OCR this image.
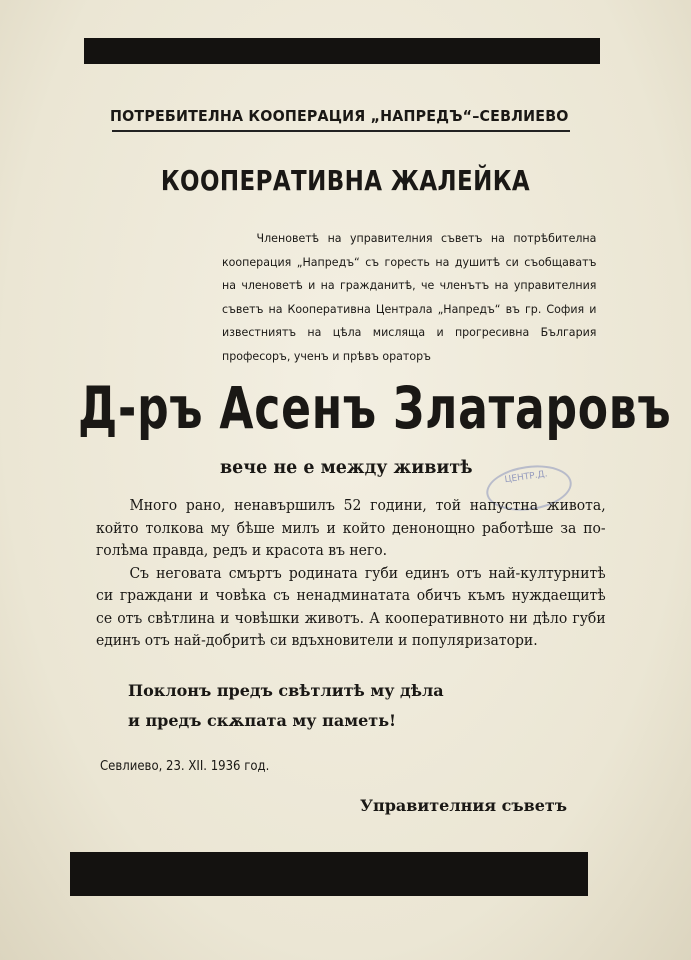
ПОТРЕБИТЕЛНА КООПЕРАЦИЯ „НАПРЕДЪ“–СЕВЛИЕВО
КООПЕРАТИВНА ЖАЛЕЙКА
Членоветѣ на управителния съветъ на потрѣбителна кооперация „Напредъ“ съ горесть на душитѣ си съобщаватъ на членоветѣ и на гражданитѣ, че членътъ на управителния съветъ на Кооперативна Централа „Напредъ“ въ гр. София и известниятъ на цѣла мисляща и прогресивна България професоръ, ученъ и прѣвъ ораторъ
Д-ръ Асенъ Златаровъ
вече не е между живитѣ	ЦЕНТР.Д.

Много рано, ненавършилъ 52 години, той напустна живота, който толкова му бѣше милъ и който денонощно работѣше за по-голѣма правда, редъ и красота въ него.

Съ неговата смъртъ родината губи единъ отъ най-културнитѣ си граждани и човѣка съ ненадминатата обичъ къмъ нуждаещитѣ се отъ свѣтлина и човѣшки животъ. А кооперативното ни дѣло губи единъ отъ най-добритѣ си вдъхновители и популяризатори.

Поклонъ предъ свѣтлитѣ му дѣла
и предъ скѫпата му паметь!
Севлиево, 23. XII. 1936 год.
Управителния съветъ
